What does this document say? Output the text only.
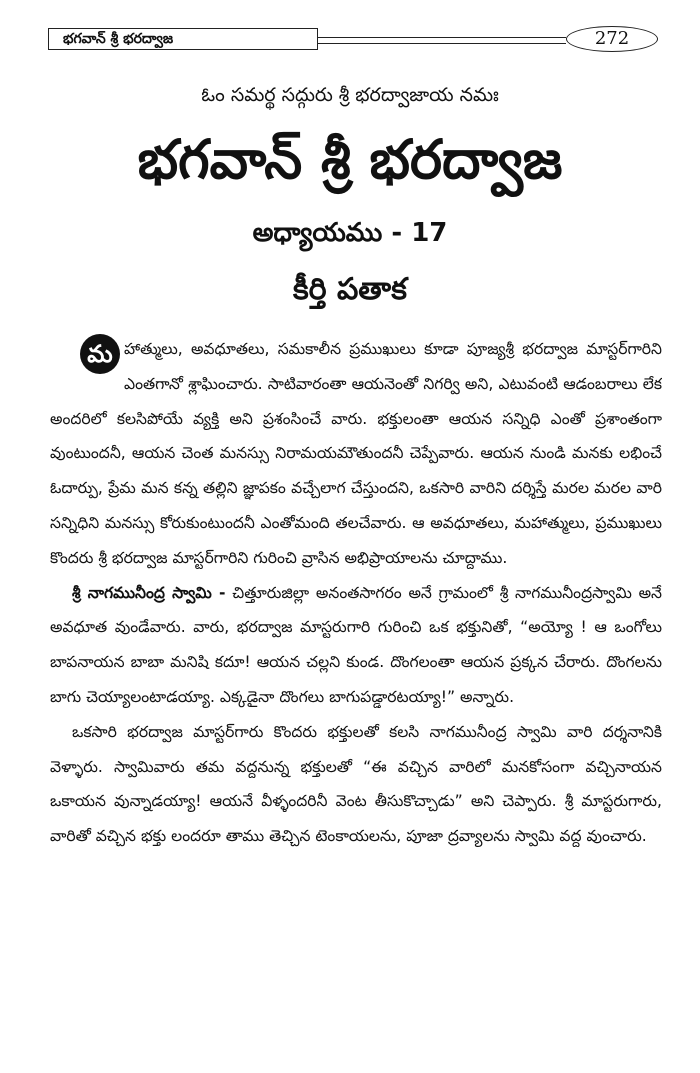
భగవాన్ శ్రీ భరద్వాజ	272
ఓం సమర్థ సద్గురు శ్రీ భరద్వాజాయ నమః
భగవాన్ శ్రీ భరద్వాజ
అధ్యాయము - 17
కీర్తి పతాక

మ హాత్ములు, అవధూతలు, సమకాలీన ప్రముఖులు కూడా పూజ్యశ్రీ భరద్వాజ మాస్టర్‌గారిని ఎంతగానో శ్లాఘించారు. సాటివారంతా ఆయనెంతో నిగర్వి అని, ఎటువంటి ఆడంబరాలు లేక అందరిలో కలసిపోయే వ్యక్తి అని ప్రశంసించే వారు. భక్తులంతా ఆయన సన్నిధి ఎంతో ప్రశాంతంగా వుంటుందనీ, ఆయన చెంత మనస్సు నిరామయమౌతుందనీ చెప్పేవారు. ఆయన నుండి మనకు లభించే ఓదార్పు, ప్రేమ మన కన్న తల్లిని జ్ఞాపకం వచ్చేలాగ చేస్తుందని, ఒకసారి వారిని దర్శిస్తే మరల మరల వారి సన్నిధిని మనస్సు కోరుకుంటుందనీ ఎంతోమంది తలచేవారు. ఆ అవధూతలు, మహాత్ములు, ప్రముఖులు కొందరు శ్రీ భరద్వాజ మాస్టర్‌గారిని గురించి వ్రాసిన అభిప్రాయాలను చూద్దాము.

శ్రీ నాగమునీంద్ర స్వామి - చిత్తూరుజిల్లా అనంతసాగరం అనే గ్రామంలో శ్రీ నాగమునీంద్రస్వామి అనే అవధూత వుండేవారు. వారు, భరద్వాజ మాస్టరుగారి గురించి ఒక భక్తునితో, “అయ్యో ! ఆ ఒంగోలు బాపనాయన బాబా మనిషి కదూ! ఆయన చల్లని కుండ. దొంగలంతా ఆయన ప్రక్కన చేరారు. దొంగలను బాగు చెయ్యాలంటాడయ్యా. ఎక్కడైనా దొంగలు బాగుపడ్డారటయ్యా!” అన్నారు.

ఒకసారి భరద్వాజ మాస్టర్‌గారు కొందరు భక్తులతో కలసి నాగమునీంద్ర స్వామి వారి దర్శనానికి వెళ్ళారు. స్వామివారు తమ వద్దనున్న భక్తులతో “ఈ వచ్చిన వారిలో మనకోసంగా వచ్చినాయన ఒకాయన వున్నాడయ్యా! ఆయనే వీళ్ళందరినీ వెంట తీసుకొచ్చాడు” అని చెప్పారు. శ్రీ మాస్టరుగారు, వారితో వచ్చిన భక్తు లందరూ తాము తెచ్చిన టెంకాయలను, పూజా ద్రవ్యాలను స్వామి వద్ద వుంచారు.
